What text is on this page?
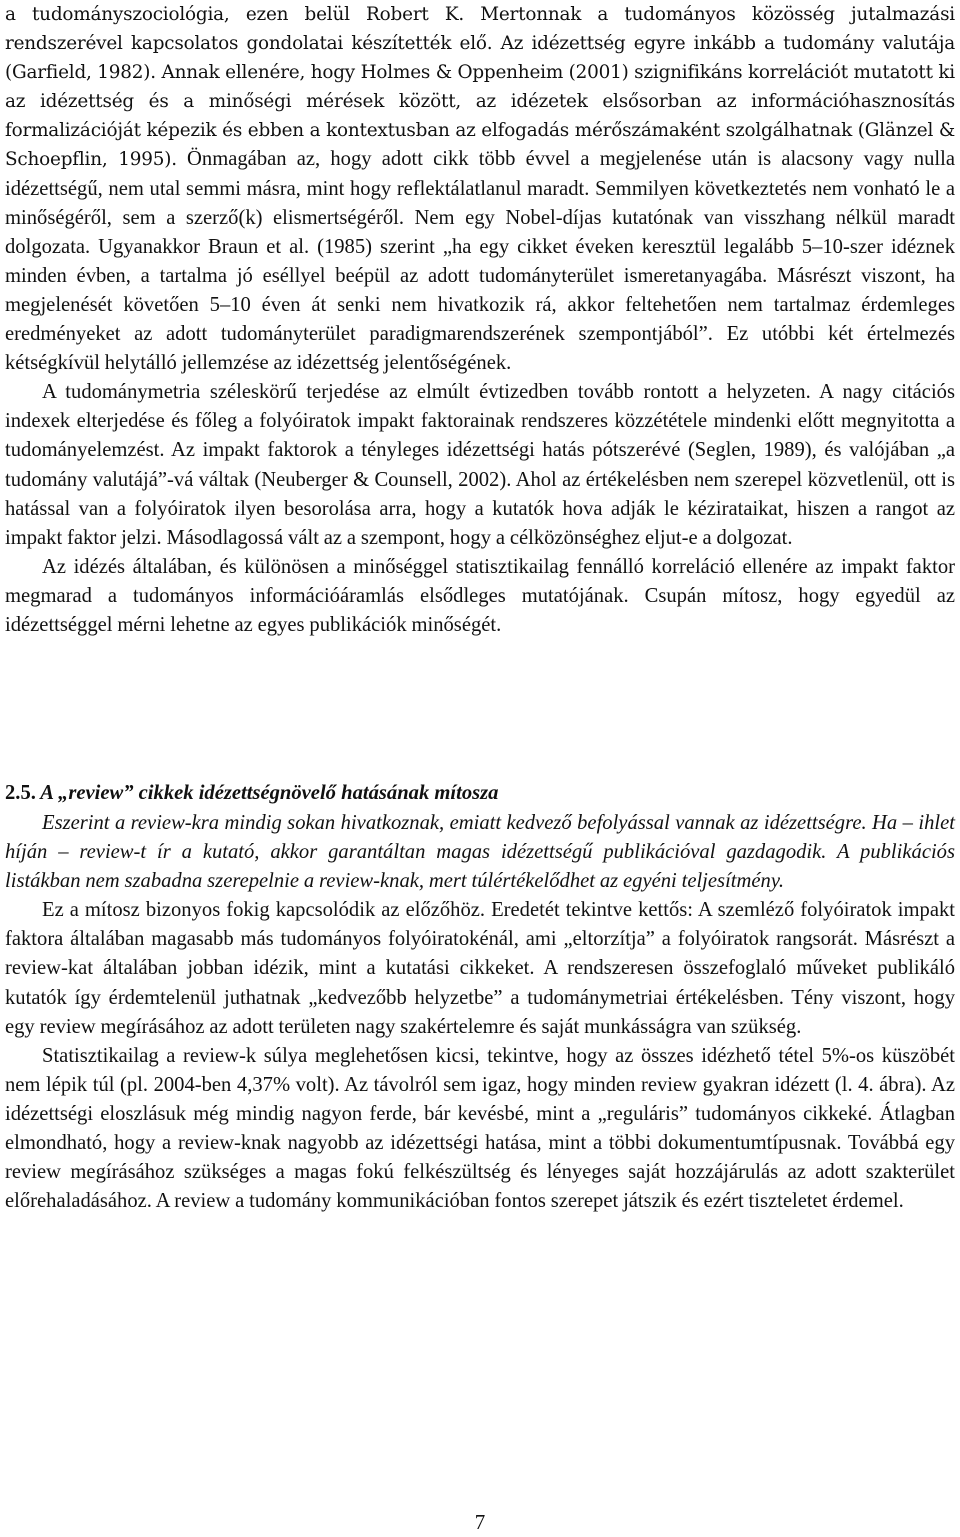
a tudományszociológia, ezen belül Robert K. Mertonnak a tudományos közösség jutalmazási rendszerével kapcsolatos gondolatai készítették elő. Az idézettség egyre inkább a tudomány valutája (Garfield, 1982). Annak ellenére, hogy Holmes & Oppenheim (2001) szignifikáns korrelációt mutatott ki az idézettség és a minőségi mérések között, az idézetek elsősorban az információhasznosítás formalizációját képezik és ebben a kontextusban az elfogadás mérőszámaként szolgálhatnak (Glänzel & Schoepflin, 1995). Önmagában az, hogy adott cikk több évvel a megjelenése után is alacsony vagy nulla idézettségű, nem utal semmi másra, mint hogy reflektálatlanul maradt. Semmilyen következtetés nem vonható le a minőségéről, sem a szerző(k) elismertségéről. Nem egy Nobel-díjas kutatónak van visszhang nélkül maradt dolgozata. Ugyanakkor Braun et al. (1985) szerint „ha egy cikket éveken keresztül legalább 5–10-szer idéznek minden évben, a tartalma jó eséllyel beépül az adott tudományterület ismeretanyagába. Másrészt viszont, ha megjelenését követően 5–10 éven át senki nem hivatkozik rá, akkor feltehetően nem tartalmaz érdemleges eredményeket az adott tudományterület paradigmarendszerének szempontjából”. Ez utóbbi két értelmezés kétségkívül helytálló jellemzése az idézettség jelentőségének.

A tudománymetria széleskörű terjedése az elmúlt évtizedben tovább rontott a helyzeten. A nagy citációs indexek elterjedése és főleg a folyóiratok impakt faktorainak rendszeres közzététele mindenki előtt megnyitotta a tudományelemzést. Az impakt faktorok a tényleges idézettségi hatás pótszerévé (Seglen, 1989), és valójában „a tudomány valutájá”-vá váltak (Neuberger & Counsell, 2002). Ahol az értékelésben nem szerepel közvetlenül, ott is hatással van a folyóiratok ilyen besorolása arra, hogy a kutatók hova adják le kézirataikat, hiszen a rangot az impakt faktor jelzi. Másodlagossá vált az a szempont, hogy a célközönséghez eljut-e a dolgozat.

Az idézés általában, és különösen a minőséggel statisztikailag fennálló korreláció ellenére az impakt faktor megmarad a tudományos információáramlás elsődleges mutatójának. Csupán mítosz, hogy egyedül az idézettséggel mérni lehetne az egyes publikációk minőségét.

2.5. A „review” cikkek idézettségnövelő hatásának mítosza

Eszerint a review-kra mindig sokan hivatkoznak, emiatt kedvező befolyással vannak az idézettségre. Ha – ihlet híján – review-t ír a kutató, akkor garantáltan magas idézettségű publikációval gazdagodik. A publikációs listákban nem szabadna szerepelnie a review-knak, mert túlértékelődhet az egyéni teljesítmény.

Ez a mítosz bizonyos fokig kapcsolódik az előzőhöz. Eredetét tekintve kettős: A szemléző folyóiratok impakt faktora általában magasabb más tudományos folyóiratokénál, ami „eltorzítja” a folyóiratok rangsorát. Másrészt a review-kat általában jobban idézik, mint a kutatási cikkeket. A rendszeresen összefoglaló műveket publikáló kutatók így érdemtelenül juthatnak „kedvezőbb helyzetbe” a tudománymetriai értékelésben. Tény viszont, hogy egy review megírásához az adott területen nagy szakértelemre és saját munkásságra van szükség.

Statisztikailag a review-k súlya meglehetősen kicsi, tekintve, hogy az összes idézhető tétel 5%-os küszöbét nem lépik túl (pl. 2004-ben 4,37% volt). Az távolról sem igaz, hogy minden review gyakran idézett (l. 4. ábra). Az idézettségi eloszlásuk még mindig nagyon ferde, bár kevésbé, mint a „reguláris” tudományos cikkeké. Átlagban elmondható, hogy a review-knak nagyobb az idézettségi hatása, mint a többi dokumentumtípusnak. Továbbá egy review megírásához szükséges a magas fokú felkészültség és lényeges saját hozzájárulás az adott szakterület előrehaladásához. A review a tudomány kommunikációban fontos szerepet játszik és ezért tiszteletet érdemel.

7
